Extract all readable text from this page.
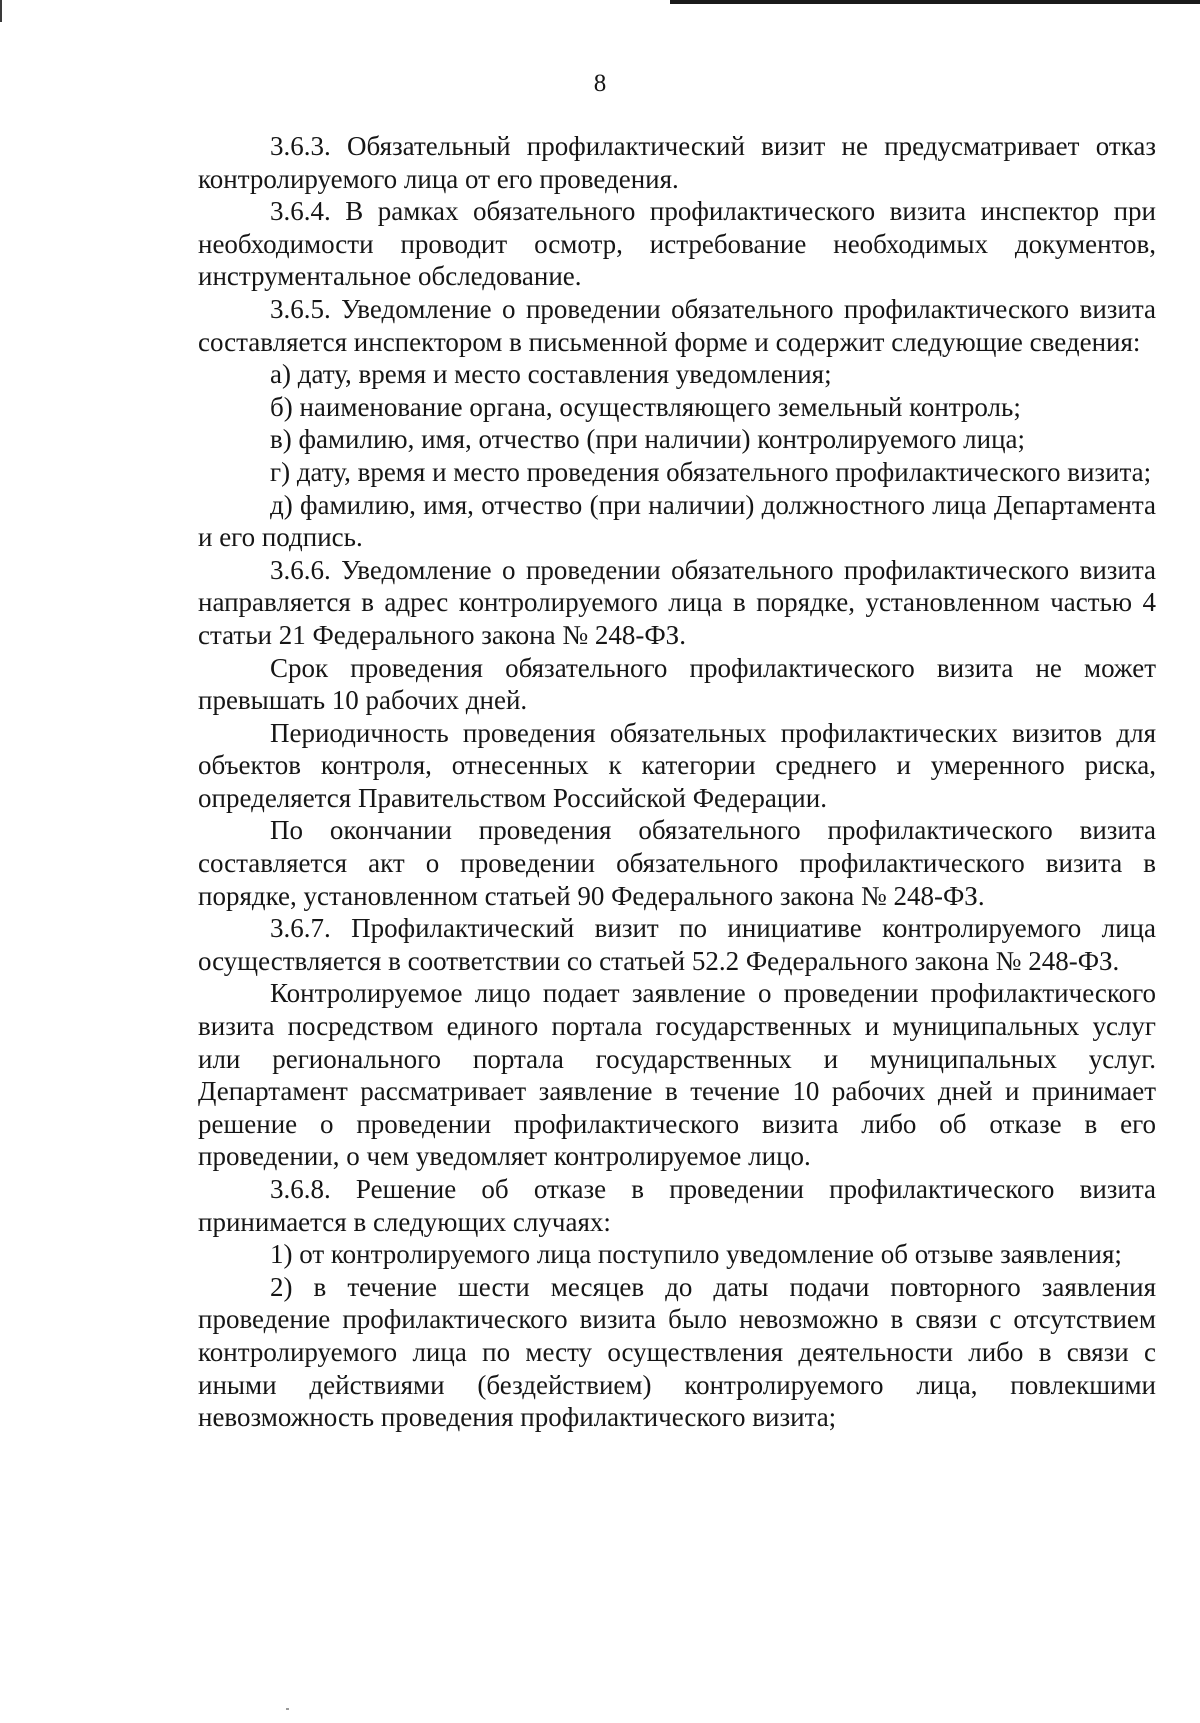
8

3.6.3. Обязательный профилактический визит не предусматривает отказ контролируемого лица от его проведения.

3.6.4. В рамках обязательного профилактического визита инспектор при необходимости проводит осмотр, истребование необходимых документов, инструментальное обследование.

3.6.5. Уведомление о проведении обязательного профилактического визита составляется инспектором в письменной форме и содержит следующие сведения:

а) дату, время и место составления уведомления;

б) наименование органа, осуществляющего земельный контроль;

в) фамилию, имя, отчество (при наличии) контролируемого лица;

г) дату, время и место проведения обязательного профилактического визита;

д) фамилию, имя, отчество (при наличии) должностного лица Департамента и его подпись.

3.6.6. Уведомление о проведении обязательного профилактического визита направляется в адрес контролируемого лица в порядке, установленном частью 4 статьи 21 Федерального закона № 248-ФЗ.

Срок проведения обязательного профилактического визита не может превышать 10 рабочих дней.

Периодичность проведения обязательных профилактических визитов для объектов контроля, отнесенных к категории среднего и умеренного риска, определяется Правительством Российской Федерации.

По окончании проведения обязательного профилактического визита составляется акт о проведении обязательного профилактического визита в порядке, установленном статьей 90 Федерального закона № 248-ФЗ.

3.6.7. Профилактический визит по инициативе контролируемого лица осуществляется в соответствии со статьей 52.2 Федерального закона № 248-ФЗ.

Контролируемое лицо подает заявление о проведении профилактического визита посредством единого портала государственных и муниципальных услуг или регионального портала государственных и муниципальных услуг. Департамент рассматривает заявление в течение 10 рабочих дней и принимает решение о проведении профилактического визита либо об отказе в его проведении, о чем уведомляет контролируемое лицо.

3.6.8. Решение об отказе в проведении профилактического визита принимается в следующих случаях:

1) от контролируемого лица поступило уведомление об отзыве заявления;

2) в течение шести месяцев до даты подачи повторного заявления проведение профилактического визита было невозможно в связи с отсутствием контролируемого лица по месту осуществления деятельности либо в связи с иными действиями (бездействием) контролируемого лица, повлекшими невозможность проведения профилактического визита;
